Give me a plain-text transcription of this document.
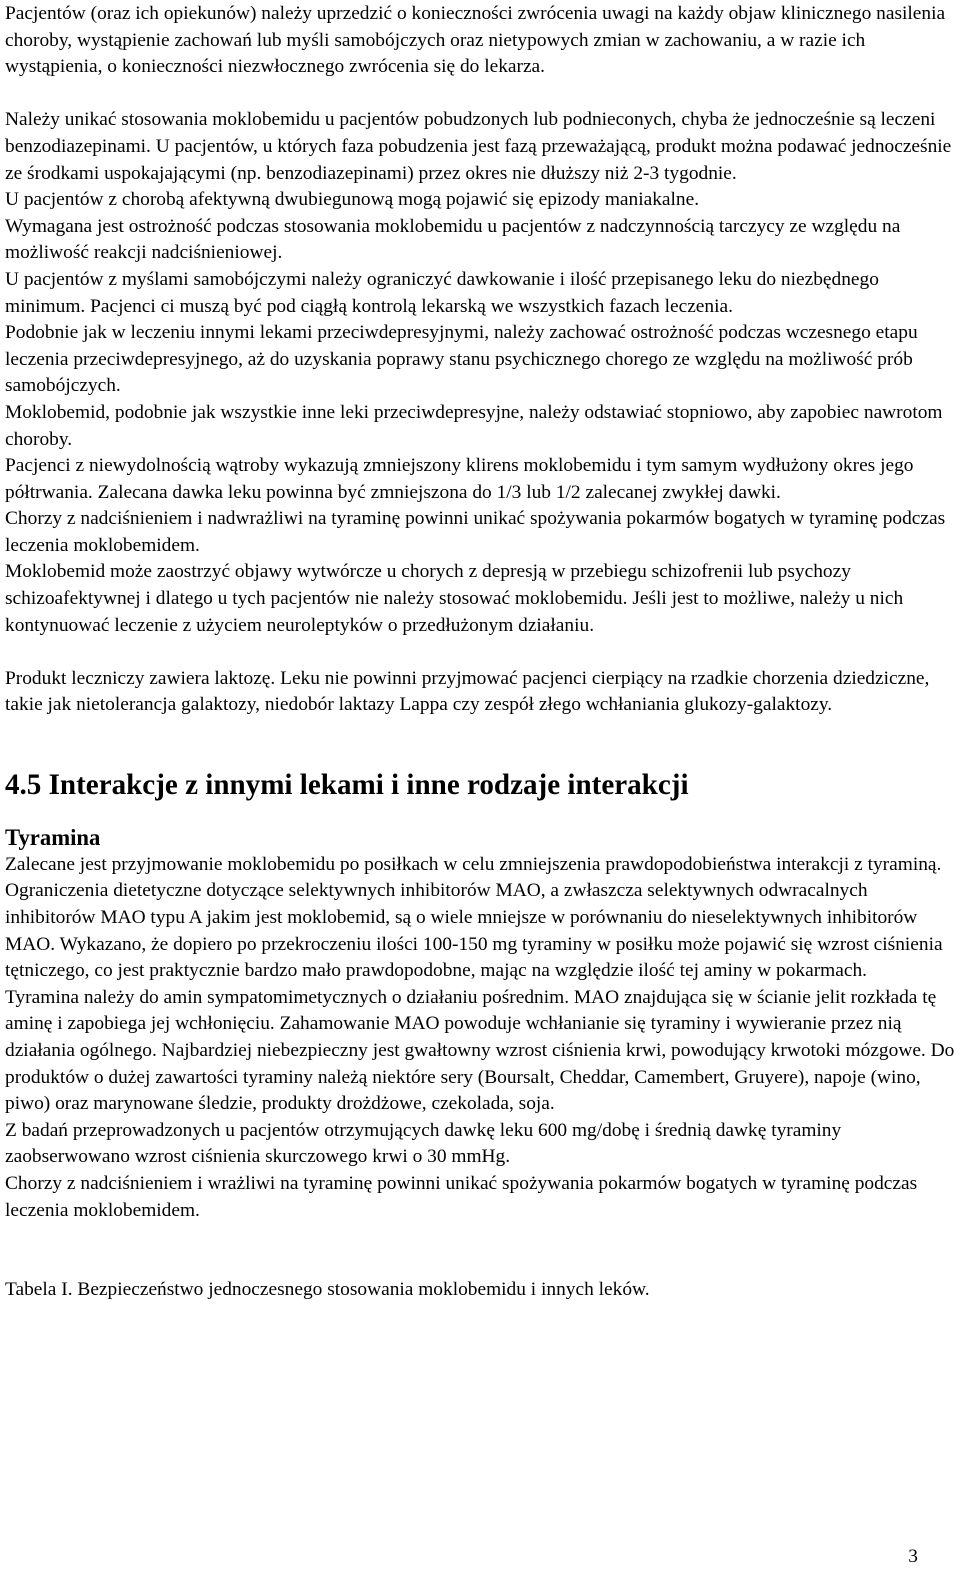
Pacjentów (oraz ich opiekunów) należy uprzedzić o konieczności zwrócenia uwagi na każdy objaw klinicznego nasilenia choroby, wystąpienie zachowań lub myśli samobójczych oraz nietypowych zmian w zachowaniu, a w razie ich wystąpienia, o konieczności niezwłocznego zwrócenia się do lekarza.

Należy unikać stosowania moklobemidu u pacjentów pobudzonych lub podnieconych, chyba że jednocześnie są leczeni benzodiazepinami. U pacjentów, u których faza pobudzenia jest fazą przeważającą, produkt można podawać jednocześnie ze środkami uspokajającymi (np. benzodiazepinami) przez okres nie dłuższy niż 2-3 tygodnie.

U pacjentów z chorobą afektywną dwubiegunową mogą pojawić się epizody maniakalne.

Wymagana jest ostrożność podczas stosowania moklobemidu u pacjentów z nadczynnością tarczycy ze względu na możliwość reakcji nadciśnieniowej.

U pacjentów z myślami samobójczymi należy ograniczyć dawkowanie i ilość przepisanego leku do niezbędnego minimum. Pacjenci ci muszą być pod ciągłą kontrolą lekarską we wszystkich fazach leczenia.

Podobnie jak w leczeniu innymi lekami przeciwdepresyjnymi, należy zachować ostrożność podczas wczesnego etapu leczenia przeciwdepresyjnego, aż do uzyskania poprawy stanu psychicznego chorego ze względu na możliwość prób samobójczych.

Moklobemid, podobnie jak wszystkie inne leki przeciwdepresyjne, należy odstawiać stopniowo, aby zapobiec nawrotom choroby.

Pacjenci z niewydolnością wątroby wykazują zmniejszony klirens moklobemidu i tym samym wydłużony okres jego półtrwania. Zalecana dawka leku powinna być zmniejszona do 1/3 lub 1/2 zalecanej zwykłej dawki.

Chorzy z nadciśnieniem i nadwrażliwi na tyraminę powinni unikać spożywania pokarmów bogatych w tyraminę podczas leczenia moklobemidem.

Moklobemid może zaostrzyć objawy wytwórcze u chorych z depresją w przebiegu schizofrenii lub psychozy schizoafektywnej i dlatego u tych pacjentów nie należy stosować moklobemidu. Jeśli jest to możliwe, należy u nich kontynuować leczenie z użyciem neuroleptyków o przedłużonym działaniu.

Produkt leczniczy zawiera laktozę. Leku nie powinni przyjmować pacjenci cierpiący na rzadkie chorzenia dziedziczne, takie jak nietolerancja galaktozy, niedobór laktazy Lappa czy zespół złego wchłaniania glukozy-galaktozy.

4.5 Interakcje z innymi lekami i inne rodzaje interakcji
Tyramina

Zalecane jest przyjmowanie moklobemidu po posiłkach w celu zmniejszenia prawdopodobieństwa interakcji z tyraminą.

Ograniczenia dietetyczne dotyczące selektywnych inhibitorów MAO, a zwłaszcza selektywnych odwracalnych inhibitorów MAO typu A jakim jest moklobemid, są o wiele mniejsze w porównaniu do nieselektywnych inhibitorów MAO. Wykazano, że dopiero po przekroczeniu ilości 100-150 mg tyraminy w posiłku może pojawić się wzrost ciśnienia tętniczego, co jest praktycznie bardzo mało prawdopodobne, mając na względzie ilość tej aminy w pokarmach.

Tyramina należy do amin sympatomimetycznych o działaniu pośrednim. MAO znajdująca się w ścianie jelit rozkłada tę aminę i zapobiega jej wchłonięciu. Zahamowanie MAO powoduje wchłanianie się tyraminy i wywieranie przez nią działania ogólnego. Najbardziej niebezpieczny jest gwałtowny wzrost ciśnienia krwi, powodujący krwotoki mózgowe. Do produktów o dużej zawartości tyraminy należą niektóre sery (Boursalt, Cheddar, Camembert, Gruyere), napoje (wino, piwo) oraz marynowane śledzie, produkty drożdżowe, czekolada, soja.

Z badań przeprowadzonych u pacjentów otrzymujących dawkę leku 600 mg/dobę i średnią dawkę tyraminy zaobserwowano wzrost ciśnienia skurczowego krwi o 30 mmHg.

Chorzy z nadciśnieniem i wrażliwi na tyraminę powinni unikać spożywania pokarmów bogatych w tyraminę podczas leczenia moklobemidem.

Tabela I. Bezpieczeństwo jednoczesnego stosowania moklobemidu i innych leków.

3
